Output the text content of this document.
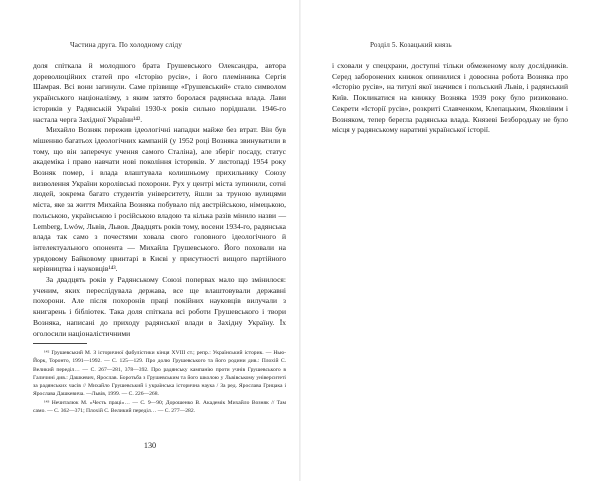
Частина друга. По холодному сліду

доля спіткала й молодшого брата Грушевського Олександра, автора дореволюційних статей про «Історію русів», і його племінника Сергія Шамрая. Всі вони загинули. Саме прізвище «Грушевський» стало символом українського націоналізму, з яким затято боролася радянська влада. Лави істориків у Радянській Україні 1930-х років сильно порідшали. 1946-го настала черга Західної України¹⁴².

Михайло Возняк пережив ідеологічні нападки майже без втрат. Він був мішенню багатьох ідеологічних кампаній (у 1952 році Возняка звинуватили в тому, що він заперечує учення самого Сталіна), але зберіг посаду, статус академіка і право навчати нові покоління істориків. У листопаді 1954 року Возняк помер, і влада влаштувала колишньому прихильнику Союзу визволення України королівські похорони. Рух у центрі міста зупинили, сотні людей, зокрема багато студентів університету, йшли за труною вулицями міста, яке за життя Михайла Возняка побувало під австрійською, німецькою, польською, українською і російською владою та кілька разів мінило назви — Lemberg, Lwów, Львів, Львов. Двадцять років тому, восени 1934-го, радянська влада так само з почестями ховала свого головного ідеологічного й інтелектуального опонента — Михайла Грушевського. Його поховали на урядовому Байковому цвинтарі в Києві у присутності вищого партійного керівництва і науковців¹⁴³.

За двадцять років у Радянському Союзі поперваx мало що змінилося: ученим, яких переслідувала держава, все ще влаштовували державні похорони. Але після похоронів праці покійних науковців вилучали з книгарень і бібліотек. Така доля спіткала всі роботи Грушевського і твори Возняка, написані до приходу радянської влади в Західну Україну. Їх оголосили націоналістичними

¹⁴² Грушевський М. З історичної фабулістики кінця XVIII ст.; репр.: Український історик. — Нью-Йорк, Торонто, 1991—1992. — С. 125—129. Про долю Грушевського та його родини див.: Плохій С. Великий переділ… — С. 267—281, 378—392. Про радянську кампанію проти учнів Грушевського в Галичині див.: Дашкевич, Ярослав. Боротьба з Грушевським та його школою у Львівському університеті за радянських часів // Михайло Грушевський і українська історична наука / За ред. Ярослава Грицака і Ярослава Дашкевича. —Львів, 1999. — С. 226—268.

¹⁴³ Нечиталюк М. «Честь праці»… — С. 9—90; Дорошенко В. Академік Михайло Возняк // Там само. — С. 362—371; Плохій С. Великий переділ… — С. 277—282.

130
Розділ 5. Козацький князь

і сховали у спецхрани, доступні тільки обмеженому колу дослідників. Серед заборонених книжок опинилися і довоєнна робота Возняка про «Історію русів», на титулі якої значився і польський Львів, і радянський Київ. Покликатися на книжку Возняка 1939 року було ризиковано. Секрети «Історії русів», розкриті Славченком, Клепацьким, Яковлівим і Возняком, тепер берегла радянська влада. Князеві Безбородьку не було місця у радянському наративі української історії.
